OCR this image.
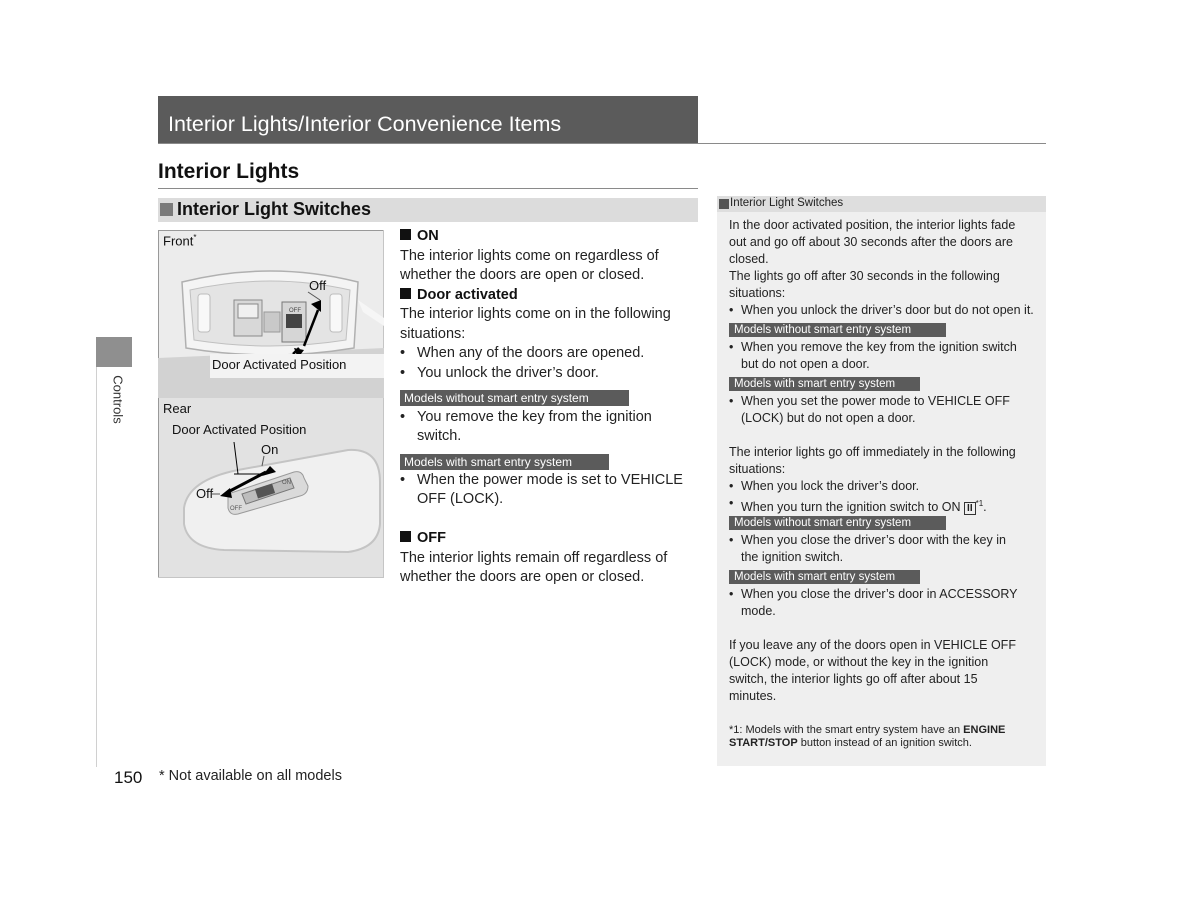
Interior Lights/Interior Convenience Items
Interior Lights
Interior Light Switches
Controls
OFF
Front*
Off
Door Activated Position
ON
OFF
Rear
Door Activated Position
On
Off
ON
The interior lights come on regardless of
whether the doors are open or closed.
Door activated
The interior lights come on in the following
situations:
• When any of the doors are opened.
• You unlock the driver’s door.
Models without smart entry system
• You remove the key from the ignition
switch.
Models with smart entry system
• When the power mode is set to VEHICLE
OFF (LOCK).
OFF
The interior lights remain off regardless of
whether the doors are open or closed.
Interior Light Switches
In the door activated position, the interior lights fade
out and go off about 30 seconds after the doors are
closed.
The lights go off after 30 seconds in the following
situations:
• When you unlock the driver’s door but do not open it.
Models without smart entry system
• When you remove the key from the ignition switch
but do not open a door.
Models with smart entry system
• When you set the power mode to VEHICLE OFF
(LOCK) but do not open a door.
The interior lights go off immediately in the following
situations:
• When you lock the driver’s door.
• When you turn the ignition switch to ON II $^{*1}$.
Models without smart entry system
• When you close the driver’s door with the key in
the ignition switch.
Models with smart entry system
• When you close the driver’s door in ACCESSORY
mode.
If you leave any of the doors open in VEHICLE OFF
(LOCK) mode, or without the key in the ignition
switch, the interior lights go off after about 15
minutes.
*1: Models with the smart entry system have an ENGINE
START/STOP button instead of an ignition switch.
150 * Not available on all models
